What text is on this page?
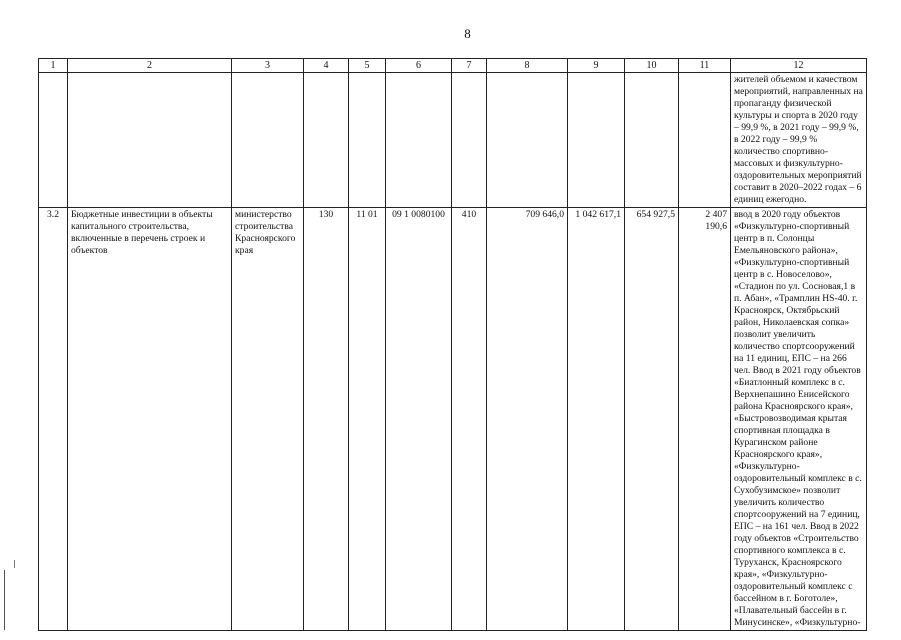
8
1	2	3	4	5	6	7	8	9	10	11	12
											жителей объемом и качеством мероприятий, направленных на пропаганду физической культуры и спорта в 2020 году – 99,9 %, в 2021 году – 99,9 %, в 2022 году – 99,9 % количество спортивно-массовых и физкультурно-оздоровительных мероприятий составит в 2020–2022 годах – 6 единиц ежегодно.
3.2	Бюджетные инвестиции в объекты капитального строительства, включенные в перечень строек и объектов	министерство строительства Красноярского края	130	11 01	09 1 0080100	410	709 646,0	1 042 617,1	654 927,5	2 407 190,6	ввод в 2020 году объектов «Физкультурно-спортивный центр в п. Солонцы Емельяновского района», «Физкультурно-спортивный центр в с. Новоселово», «Стадион по ул. Сосновая,1 в п. Абан», «Трамплин HS-40. г. Красноярск, Октябрьский район, Николаевская сопка» позволит увеличить количество спортсооружений на 11 единиц, ЕПС – на 266 чел. Ввод в 2021 году объектов «Биатлонный комплекс в с. Верхнепашино Енисейского района Красноярского края», «Быстровозводимая крытая спортивная площадка в Курагинском районе Красноярского края», «Физкультурно-оздоровительный комплекс в с. Сухобузимское» позволит увеличить количество спортсооружений на 7 единиц, ЕПС – на 161 чел. Ввод в 2022 году объектов «Строительство спортивного комплекса в с. Туруханск, Красноярского края», «Физкультурно-оздоровительный комплекс с бассейном в г. Боготоле», «Плавательный бассейн в г. Минусинске», «Физкультурно-
